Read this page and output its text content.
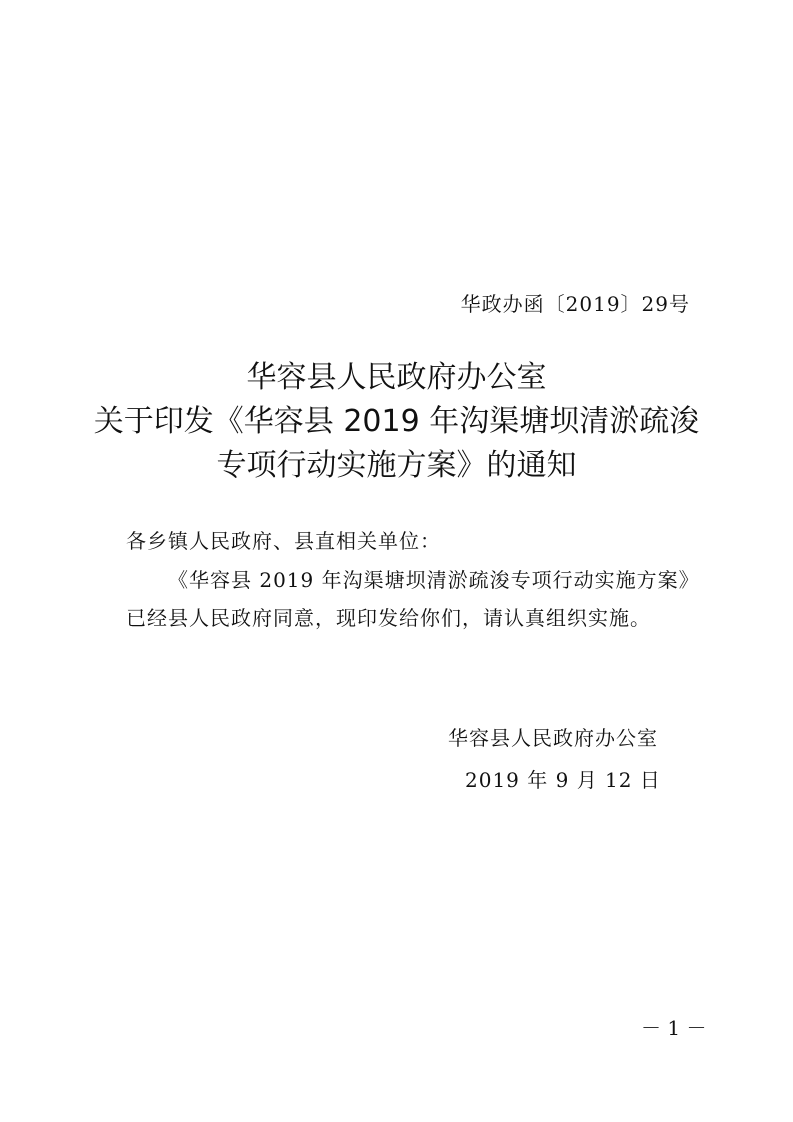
华政办函〔2019〕29号
华容县人民政府办公室
关于印发《华容县 2019 年沟渠塘坝清淤疏浚
专项行动实施方案》的通知
各乡镇人民政府、县直相关单位：
《华容县 2019 年沟渠塘坝清淤疏浚专项行动实施方案》
已经县人民政府同意，现印发给你们，请认真组织实施。
华容县人民政府办公室
2019 年 9 月 12 日
－ 1 －
